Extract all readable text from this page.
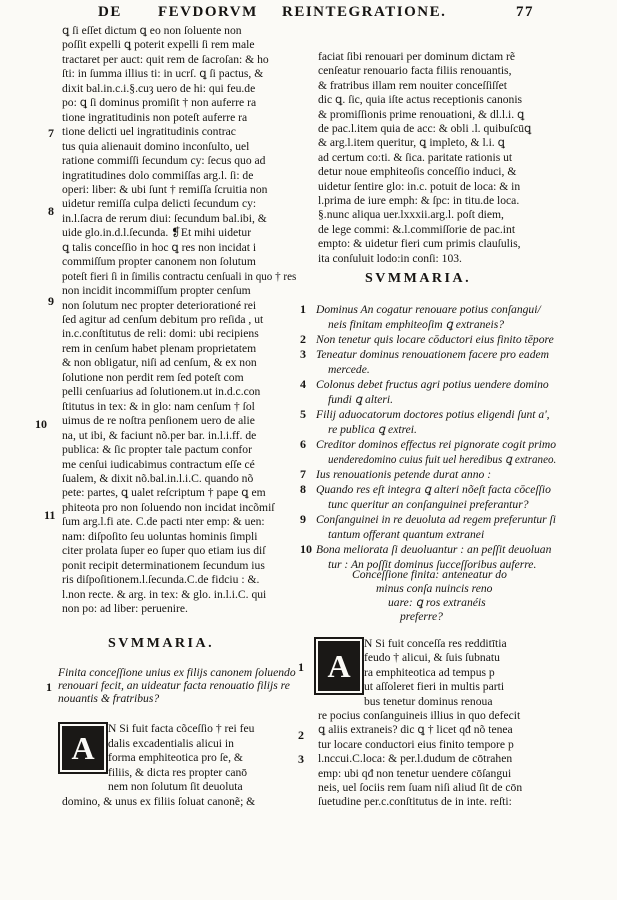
DE FEVDORVM REINTEGRATIONE.	77
ꝗ ſi eſſet dictum ꝗ eo non ſoluente non
poſſit expelli ꝗ poterit expelli ſi rem male
tractaret per auct: quit rem de ſacroſan: & ho
ſti: in ſumma illius ti: in ucrſ. ꝗ ſi pactus, &
dixit bal.in.c.i.§.cuȝ uero de hi: qui feu.de
po: ꝗ ſi dominus promiſit † non auferre ra
tione ingratitudinis non poteſt auferre ra
tione delicti uel ingratitudinis contrac
tus quia alienauit domino inconſulto, uel
ratione commiſſi ſecundum cy: ſecus quo ad
ingratitudines dolo commiſſas arg.l. ſi: de
operi: liber: & ubi ſunt † remiſſa ſcruitia non
uidetur remiſſa culpa delicti ſecundum cy:
in.l.ſacra de rerum diui: ſecundum bal.ibi, &
uide glo.in.d.l.ſecunda. ❡Et mihi uidetur
ꝗ talis conceſſio in hoc ꝗ res non incidat i
commiſſum propter canonem non ſolutum
poteſt fieri ſi in ſimilis contractu cenſuali in quo † res
non incidit incommiſſum propter cenſum
non ſolutum nec propter deteriorationé rei
ſed agitur ad cenſum debitum pro reſida , ut
in.c.conſtitutus de reli: domi: ubi recipiens
rem in cenſum habet plenam proprietatem
& non obligatur, niſi ad cenſum, & ex non
ſolutione non perdit rem ſed poteſt com
pelli cenſuarius ad ſolutionem.ut in.d.c.con
ſtitutus in tex: & in glo: nam cenſum † ſol
uimus de re noſtra penſionem uero de alie
na, ut ibi, & faciunt nõ.per bar. in.l.i.ff. de
publica: & ſic propter tale pactum confor
me cenſui iudicabimus contractum eſſe cé
ſualem, & dixit nõ.bal.in.l.i.C. quando nõ
pete: partes, ꝗ ualet reſcriptum † pape ꝗ em
phiteota pro non ſoluendo non incidat incõmiſ
ſum arg.l.fi ate. C.de pacti nter emp: & uen:
nam: diſpoſito ſeu uoluntas hominis ſimpli
citer prolata ſuper eo ſuper quo etiam ius diſ
ponit recipit determinationem ſecundum ius
ris diſpoſitionem.l.ſecunda.C.de fidciu : &.
l.non recte. & arg. in tex: & glo. in.l.i.C. qui
non po: ad liber: peruenire.
7
8
9
10
11
1
SVMMARIA.
Finita conceſſione unius ex filijs canonem ſoluendo
renouari fecit, an uideatur facta renouatio filijs re
nouantis & fratribus?
A
N Si fuit facta cõceſſio † rei feu
dalis excadentialis alicui in
forma emphiteotica pro ſe, &
filiis, & dicta res propter canō
nem non ſolutum ſit deuoluta
domino, & unus ex filiis ſoluat canonẽ; &
faciat ſibi renouari per dominum dictam rẽ
cenſeatur renouario facta filiis renouantis,
& fratribus illam rem nouiter conceſſiſſet
dic ꝗ. ſic, quia iſte actus receptionis canonis
& promiſſionis prime renouationi, & dl.l.i. ꝗ
de pac.l.item quia de acc: & obli .l. quibuſcūꝗ
& arg.l.item queritur, ꝗ impleto, & l.i. ꝗ
ad certum co:ti. & ſica. paritate rationis ut
detur noue emphiteoſis conceſſio induci, &
uidetur ſentire glo: in.c. potuit de loca: & in
l.prima de iure emph: & ſpc: in titu.de loca.
§.nunc aliqua uer.lxxxii.arg.l. poſt diem,
de lege commi: &.l.commiſſorie de pac.int
empto: & uidetur fieri cum primis clauſulis,
ita conſuluit lodo:in conſi: 103.
SVMMARIA.
1 Dominus An cogatur renouare potius conſangui/
neis finitam emphiteoſim ꝗ extraneis?
2 Non tenetur quis locare cōductori eius finito tēpore
3 Teneatur dominus renouationem facere pro eadem
mercede.
4 Colonus debet fructus agri potius uendere domino
fundi ꝗ alteri.
5 Filij aduocatorum doctores potius eligendi ſunt a',
re publica ꝗ extrei.
6 Creditor dominos effectus rei pignorate cogit primo
uenderedomino cuius fuit uel heredibus ꝗ extraneo.
7 Ius renouationis petende durat anno :
8 Quando res eſt integra ꝗ alteri nõeſt facta cōceſſio
tunc queritur an conſanguinei preferantur?
9 Conſanguinei in re deuoluta ad regem preferuntur ſi
tantum offerant quantum extranei
10 Bona meliorata ſi deuoluantur : an peſſit deuoluan
tur : An poſſit dominus ſucceſſoribus auferre.
Conceſſione finita: anteneatur do
minus conſa nuincis reno
uare: ꝗ ros extranéis
preferre?
A
N Si fuit conceſſa res redditītia
feudo † alicui, & ſuis ſubnatu
ra emphiteotica ad tempus p
ut aſſoleret fieri in multis parti
bus tenetur dominus renoua
re pocius conſanguineis illius in quo defecit
ꝗ aliis extraneis? dic ꝗ † licet qđ nõ tenea
tur locare conductori eius finito tempore p
l.nccui.C.loca: & per.l.dudum de cōtrahen
emp: ubi qđ non tenetur uendere cōſangui
neis, uel ſociis rem ſuam niſi aliud ſit de cōn
ſuetudine per.c.conſtitutus de in inte. reſti:
1
2
3
